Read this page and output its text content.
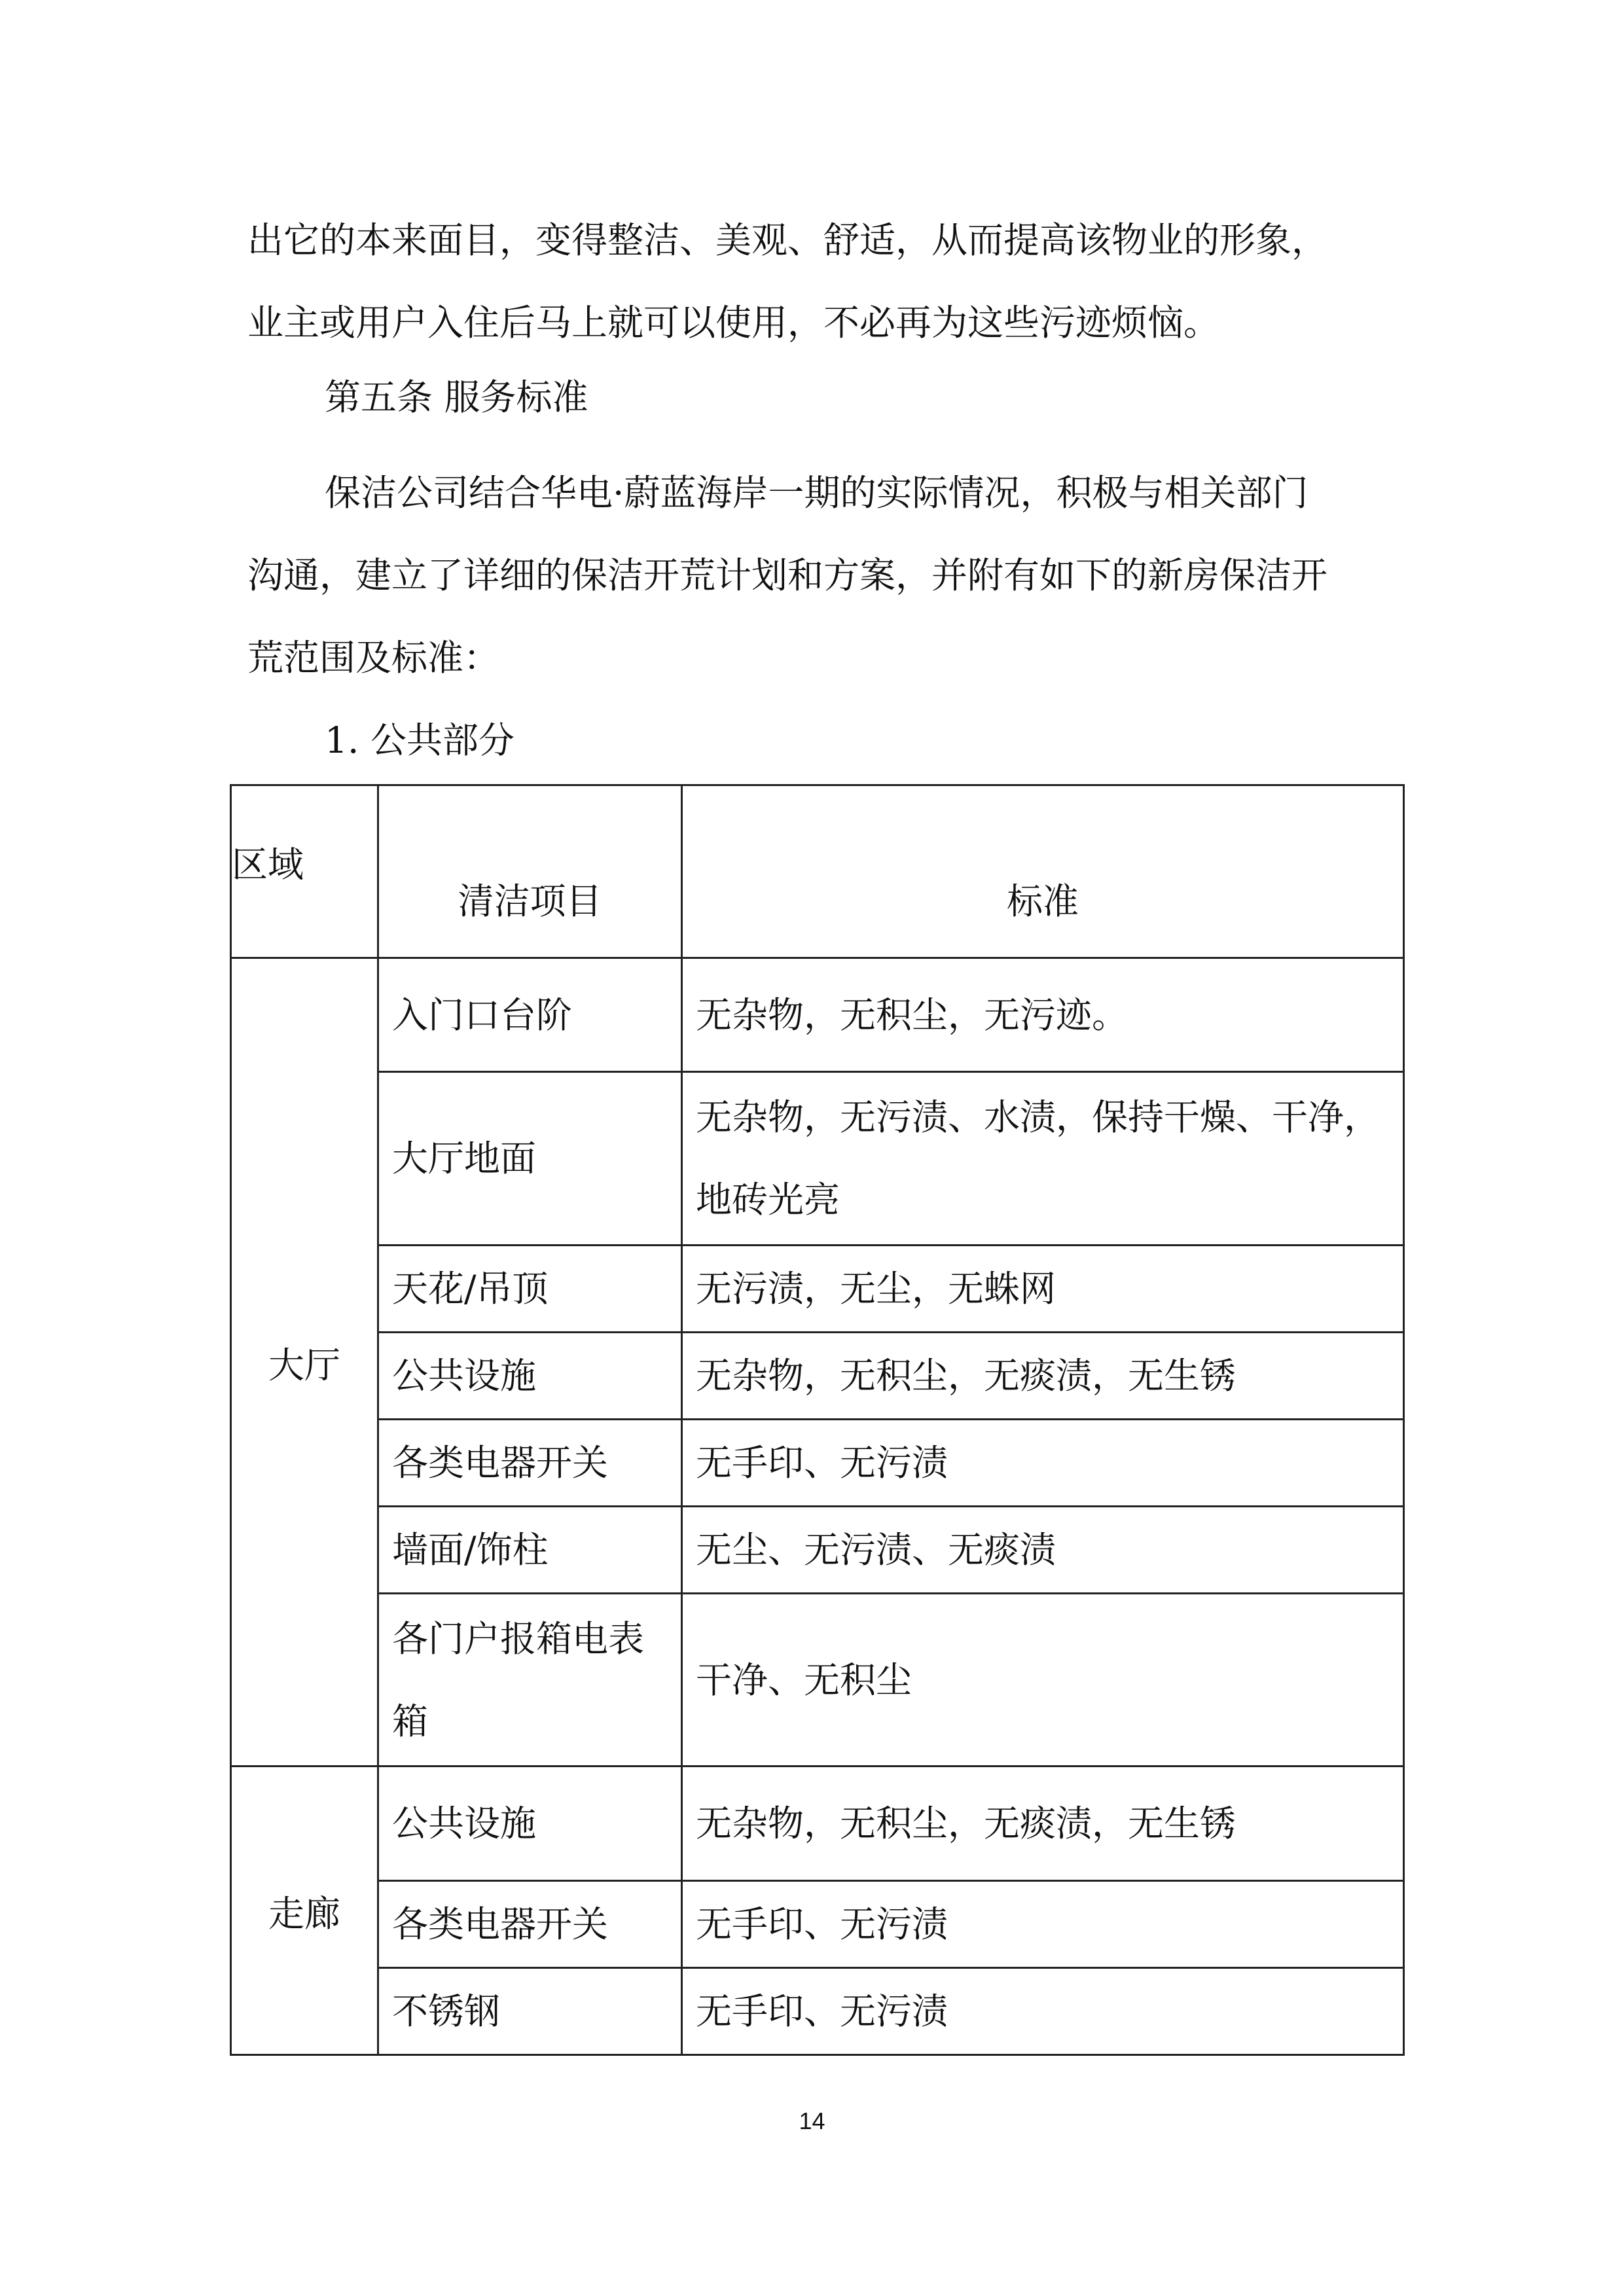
出它的本来面目，变得整洁、美观、舒适，从而提高该物业的形象，
业主或用户入住后马上就可以使用，不必再为这些污迹烦恼。

第五条 服务标准

保洁公司结合华电·蔚蓝海岸一期的实际情况，积极与相关部门
沟通，建立了详细的保洁开荒计划和方案，并附有如下的新房保洁开
荒范围及标准：

1. 公共部分
区域	清洁项目	标准

大厅	入门口台阶	无杂物，无积尘，无污迹。
	大厅地面	无杂物，无污渍、水渍，保持干燥、干净，地砖光亮
	天花/吊顶	无污渍，无尘，无蛛网
	公共设施	无杂物，无积尘，无痰渍，无生锈
	各类电器开关	无手印、无污渍
	墙面/饰柱	无尘、无污渍、无痰渍
	各门户报箱电表箱	干净、无积尘
走廊	公共设施	无杂物，无积尘，无痰渍，无生锈
	各类电器开关	无手印、无污渍
	不锈钢	无手印、无污渍
14
